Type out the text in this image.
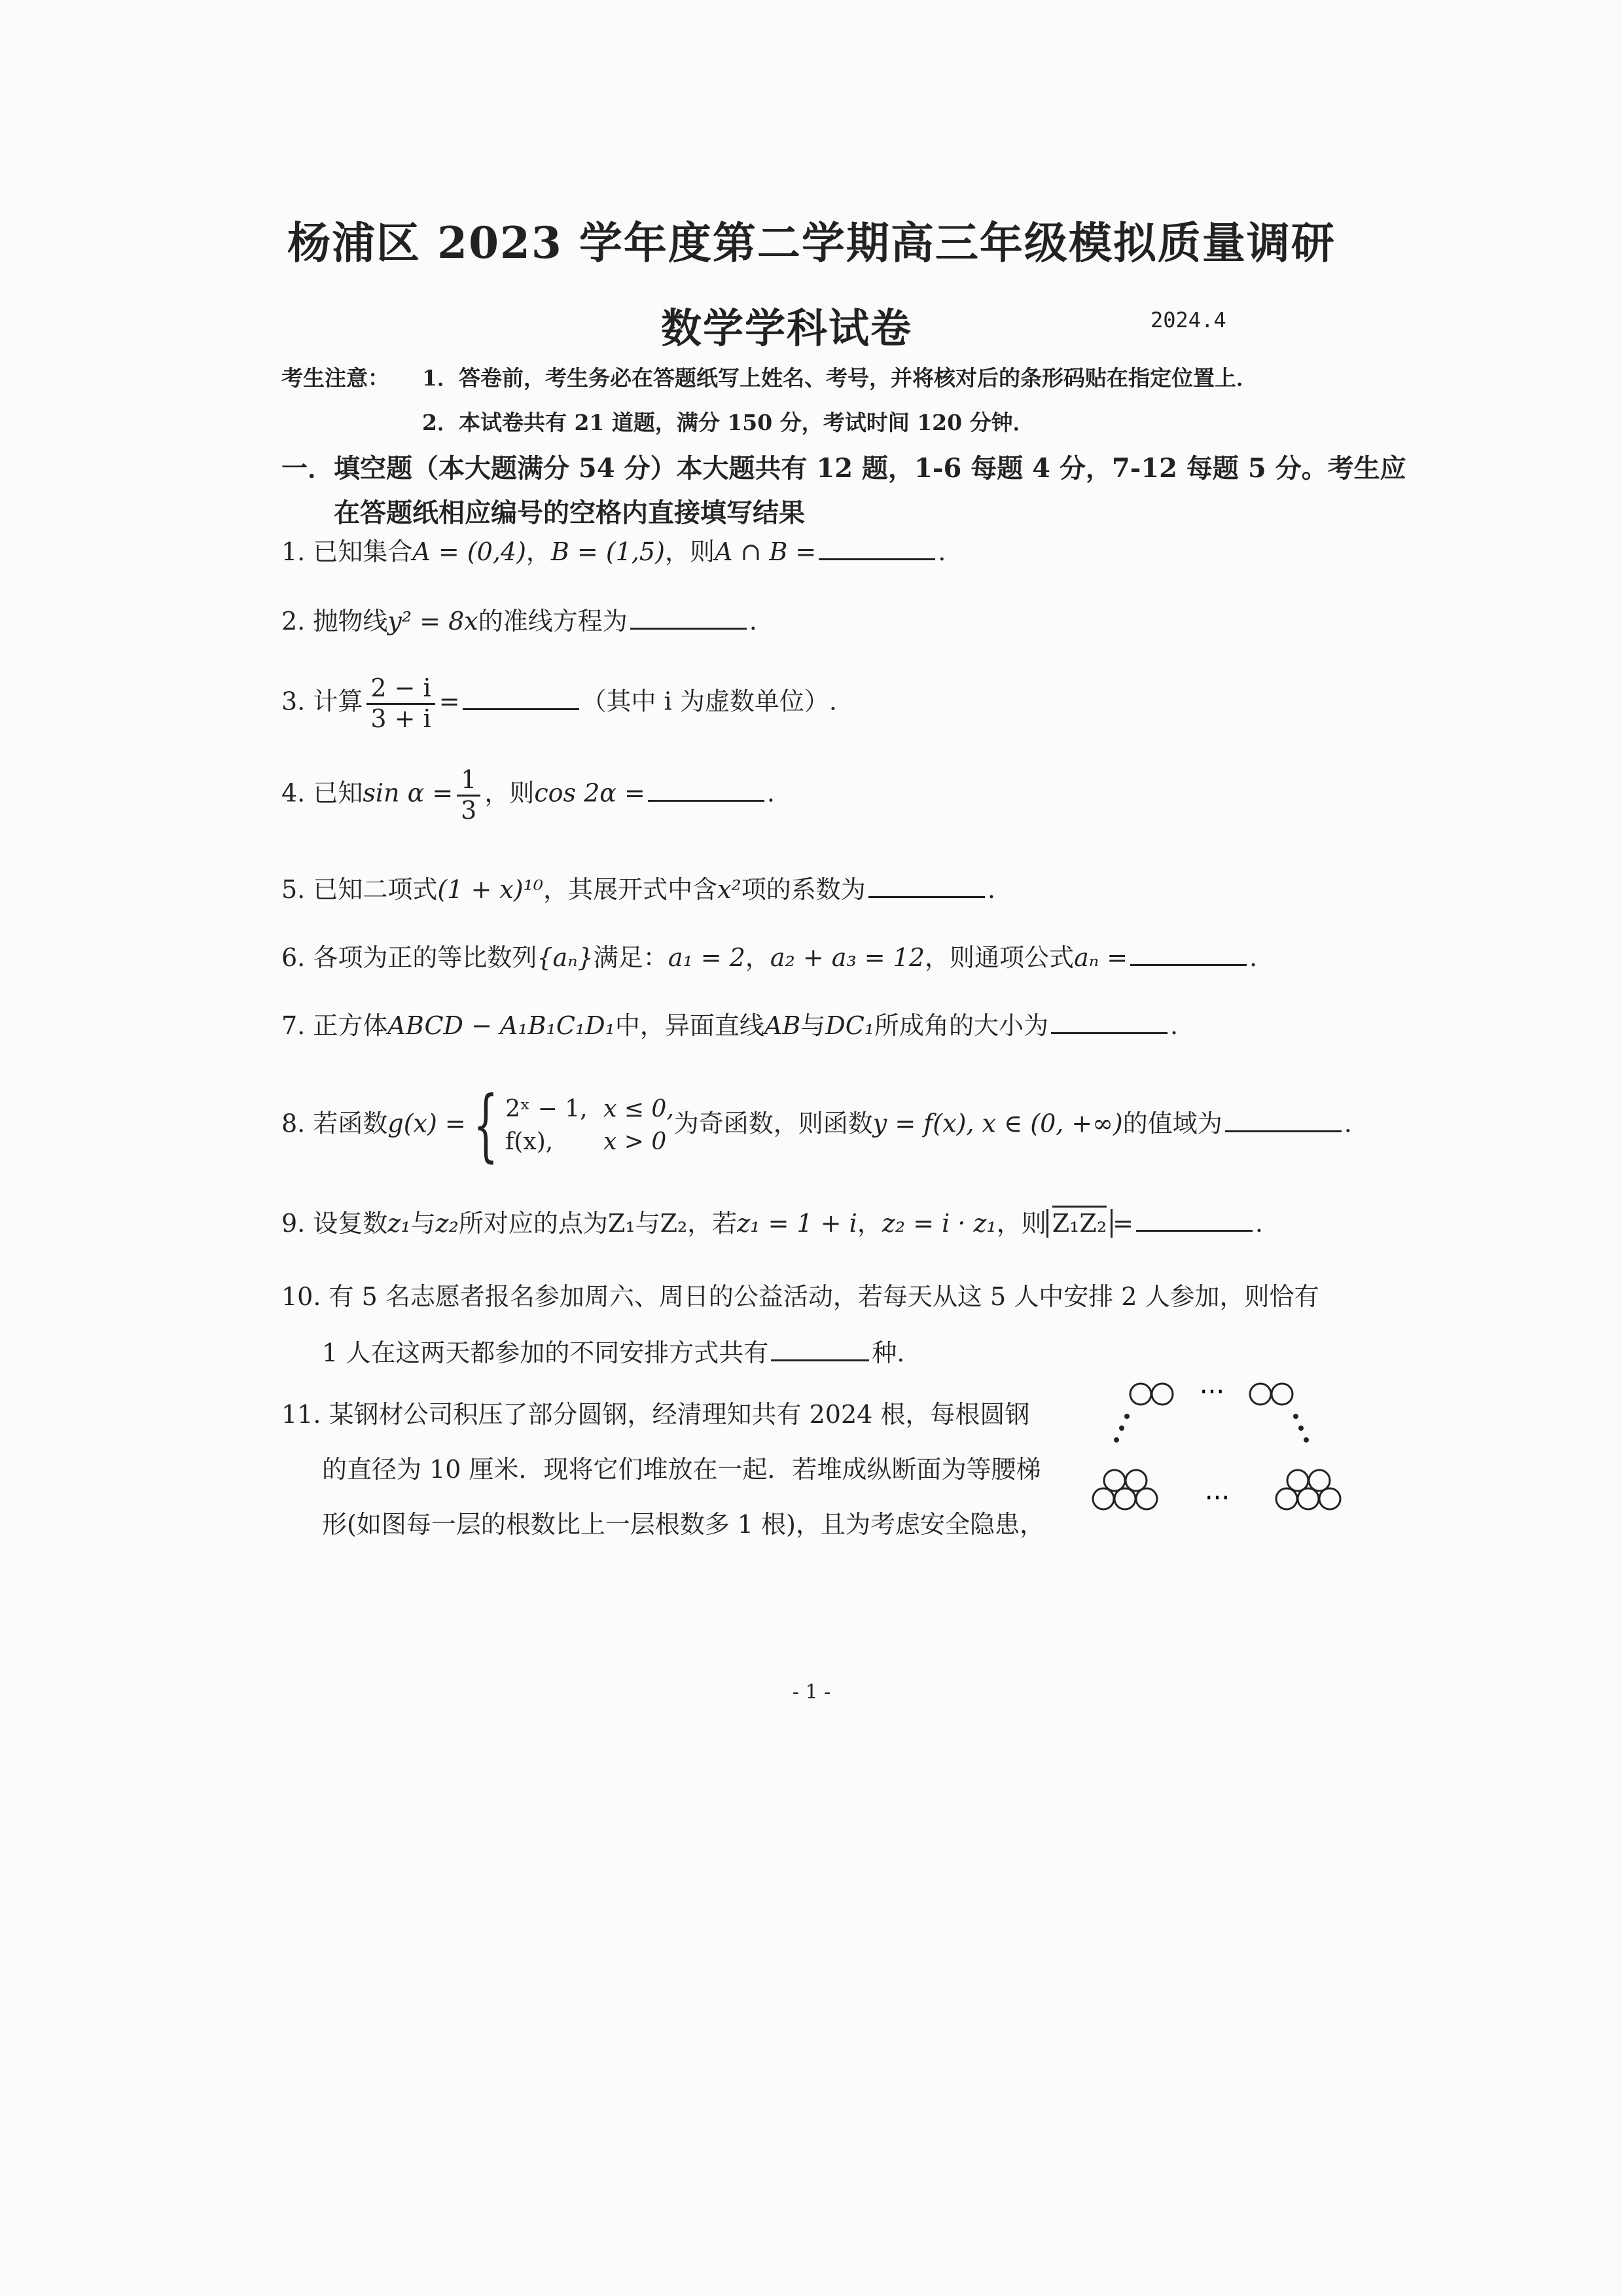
杨浦区 2023 学年度第二学期高三年级模拟质量调研
数学学科试卷	2024.4
考生注意： 1．答卷前，考生务必在答题纸写上姓名、考号，并将核对后的条形码贴在指定位置上．
2．本试卷共有 21 道题，满分 150 分，考试时间 120 分钟．
一．填空题（本大题满分 54 分）本大题共有 12 题，1-6 每题 4 分，7-12 每题 5 分。考生应
在答题纸相应编号的空格内直接填写结果
1. 已知集合A = (0,4)，B = (1,5)，则A ∩ B =	.
2. 抛物线y² = 8x的准线方程为	.
3. 计算 $\frac{2 - i}{3 + i}$ =	（其中 i 为虚数单位）.
4. 已知$\sin \alpha = \frac{1}{3}$ ，则cos 2α =	.
5. 已知二项式(1 + x)¹⁰，其展开式中含x²项的系数为	.
6. 各项为正的等比数列{aₙ}满足：a₁ = 2，a₂ + a₃ = 12，则通项公式aₙ =	.
7. 正方体ABCD − A₁B₁C₁D₁中，异面直线AB与DC₁所成角的大小为	.
8. 若函数g(x) ={ 2ˣ − 1, x ≤ 0,
f(x), x > 0
为奇函数，则函数y = f(x), x ∈ (0, +∞)的值域为	.
9. 设复数z₁与z₂所对应的点为Z₁与Z₂，若z₁ = 1 + i，z₂ = i · z₁，则 Z₁Z₂ =	.
10. 有 5 名志愿者报名参加周六、周日的公益活动，若每天从这 5 人中安排 2 人参加，则恰有
1 人在这两天都参加的不同安排方式共有	种.
11. 某钢材公司积压了部分圆钢，经清理知共有 2024 根，每根圆钢
的直径为 10 厘米．现将它们堆放在一起．若堆成纵断面为等腰梯
形(如图每一层的根数比上一层根数多 1 根)，且为考虑安全隐患，
···
···
- 1 -
